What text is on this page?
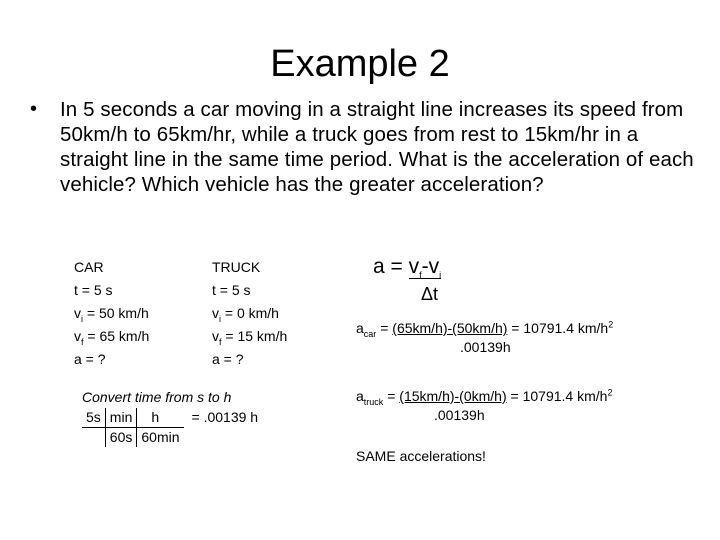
Example 2
• In 5 seconds a car moving in a straight line increases its speed from 50km/h to 65km/hr, while a truck goes from rest to 15km/hr in a straight line in the same time period. What is the acceleration of each vehicle? Which vehicle has the greater acceleration?
CAR
t = 5 s
$v_i = 50$ km/h
$v_f = 65$ km/h
a = ?
TRUCK
t = 5 s
$v_i = 0$ km/h
$v_f = 15$ km/h
a = ?
Convert time from s to h
5s	min	h	= .00139 h
	60s	60min	
$a = v_f-v_i$
Δt
$a_{car} = (65km/h)-(50km/h) = 10791.4$ $km/h^2$
.00139h
$a_{truck} = (15km/h)-(0km/h) = 10791.4$ $km/h^2$
.00139h
SAME accelerations!
